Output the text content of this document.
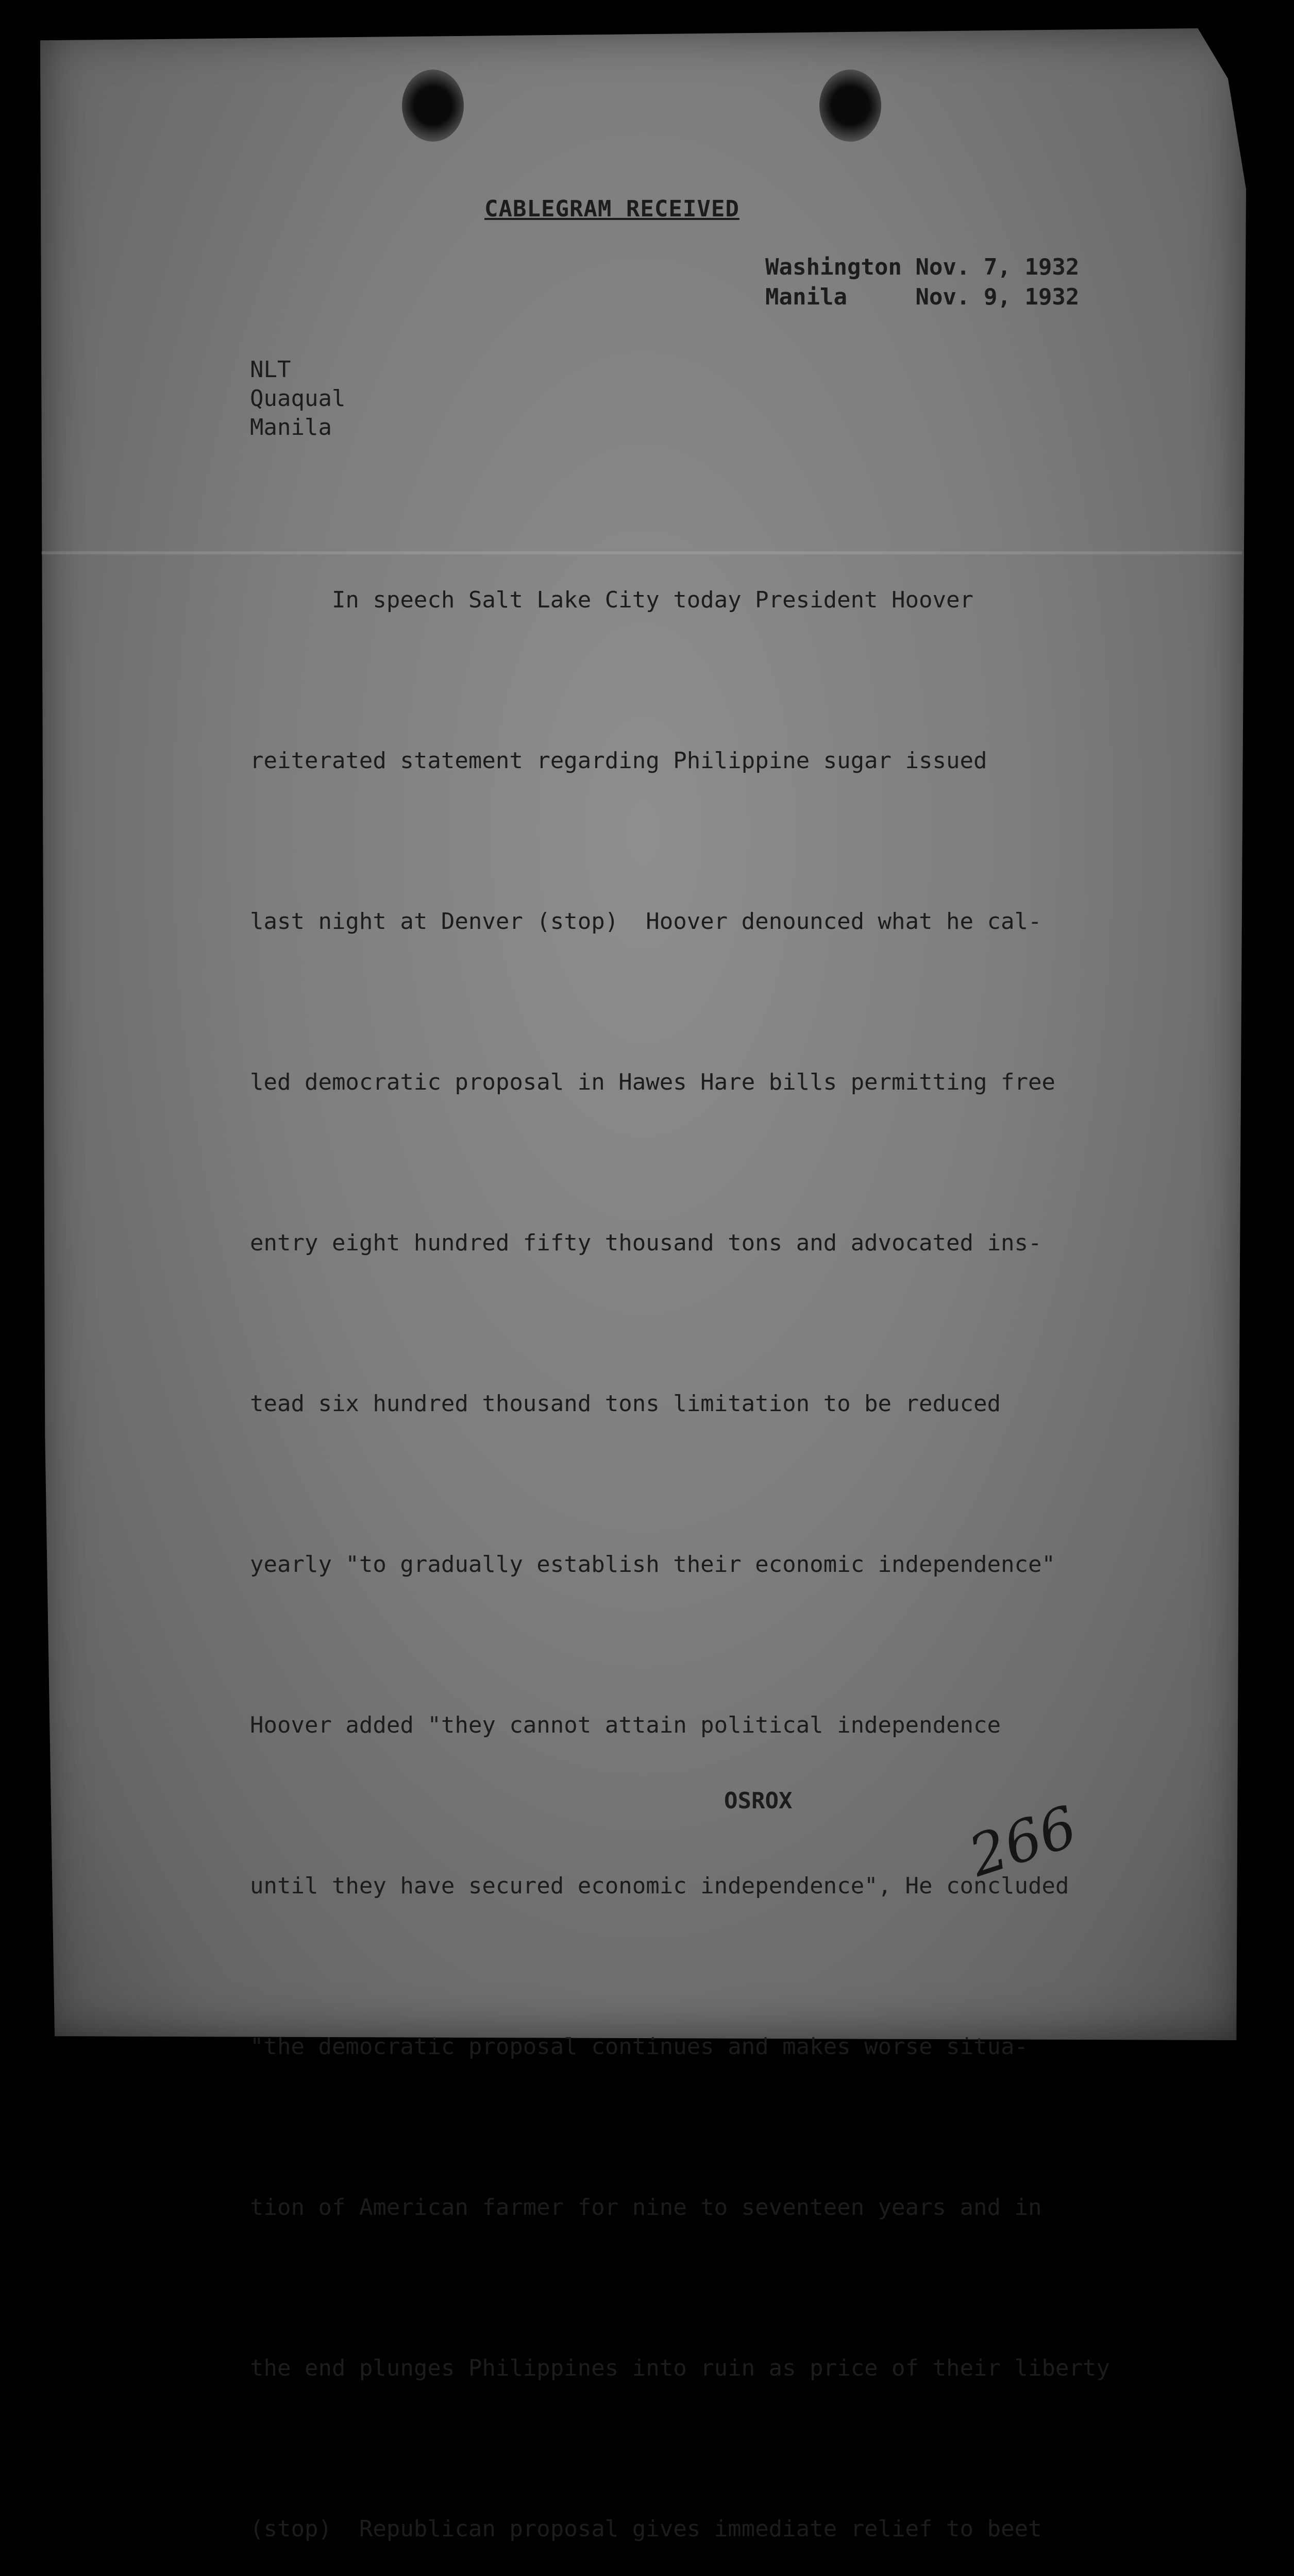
CABLEGRAM RECEIVED
Washington Nov. 7, 1932
Manila	Nov. 9, 1932
NLT
Quaqual
Manila

In speech Salt Lake City today President Hoover

reiterated statement regarding Philippine sugar issued

last night at Denver (stop)  Hoover denounced what he cal-

led democratic proposal in Hawes Hare bills permitting free

entry eight hundred fifty thousand tons and advocated ins-

tead six hundred thousand tons limitation to be reduced

yearly "to gradually establish their economic independence"

Hoover added "they cannot attain political independence

until they have secured economic independence", He concluded

"the democratic proposal continues and makes worse situa-

tion of American farmer for nine to seventeen years and in

the end plunges Philippines into ruin as price of their liberty

(stop)  Republican proposal gives immediate relief to beet

OSROX	266
